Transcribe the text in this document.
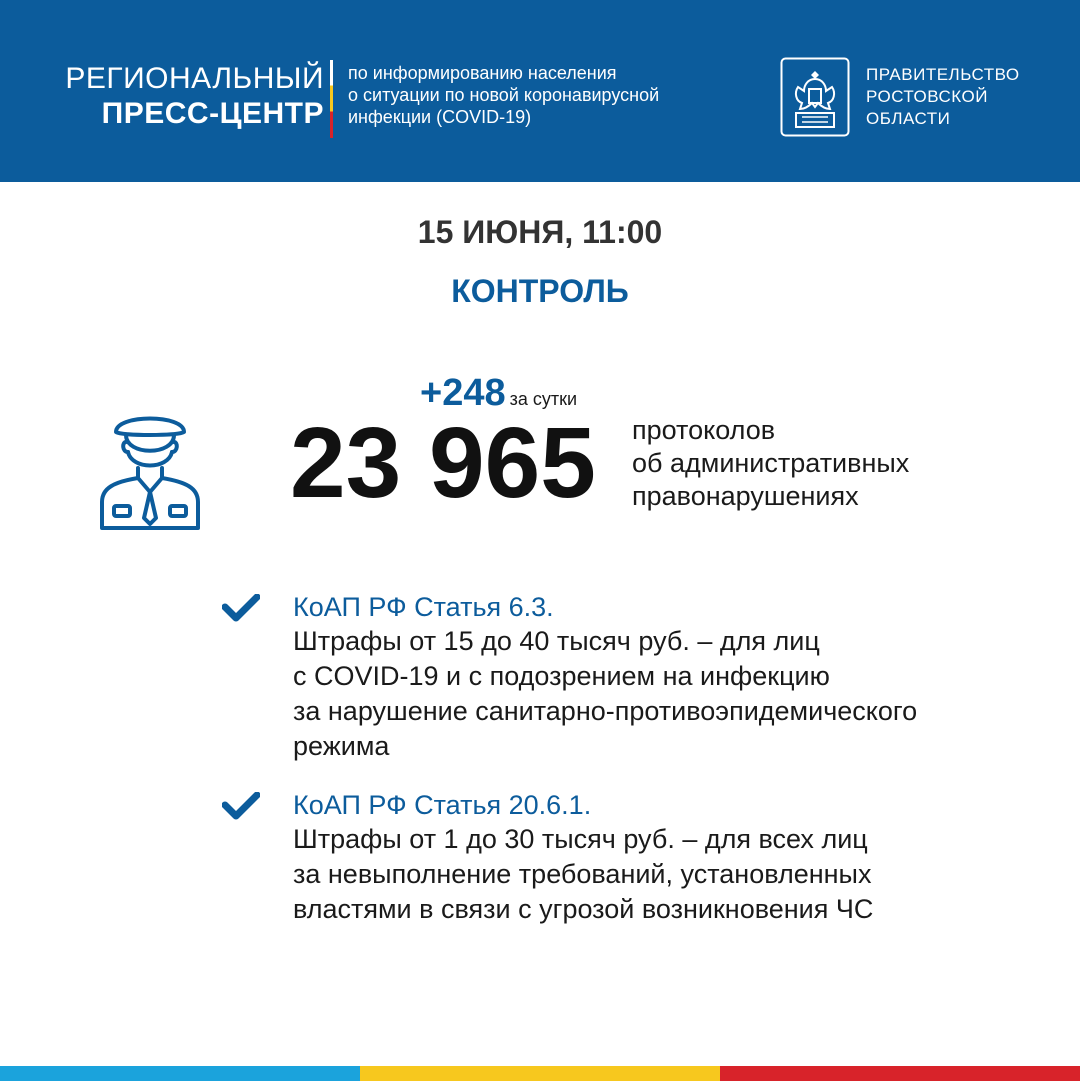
РЕГИОНАЛЬНЫЙ
ПРЕСС-ЦЕНТР
по информированию населения
о ситуации по новой коронавирусной
инфекции (COVID-19)
ПРАВИТЕЛЬСТВО
РОСТОВСКОЙ
ОБЛАСТИ
15 ИЮНЯ, 11:00
КОНТРОЛЬ
+248 за сутки
23 965 протоколов
об административных
правонарушениях
КоАП РФ Статья 6.3.
Штрафы от 15 до 40 тысяч руб. – для лиц
с COVID-19 и с подозрением на инфекцию
за нарушение санитарно-противоэпидемического
режима
КоАП РФ Статья 20.6.1.
Штрафы от 1 до 30 тысяч руб. – для всех лиц
за невыполнение требований, установленных
властями в связи с угрозой возникновения ЧС
